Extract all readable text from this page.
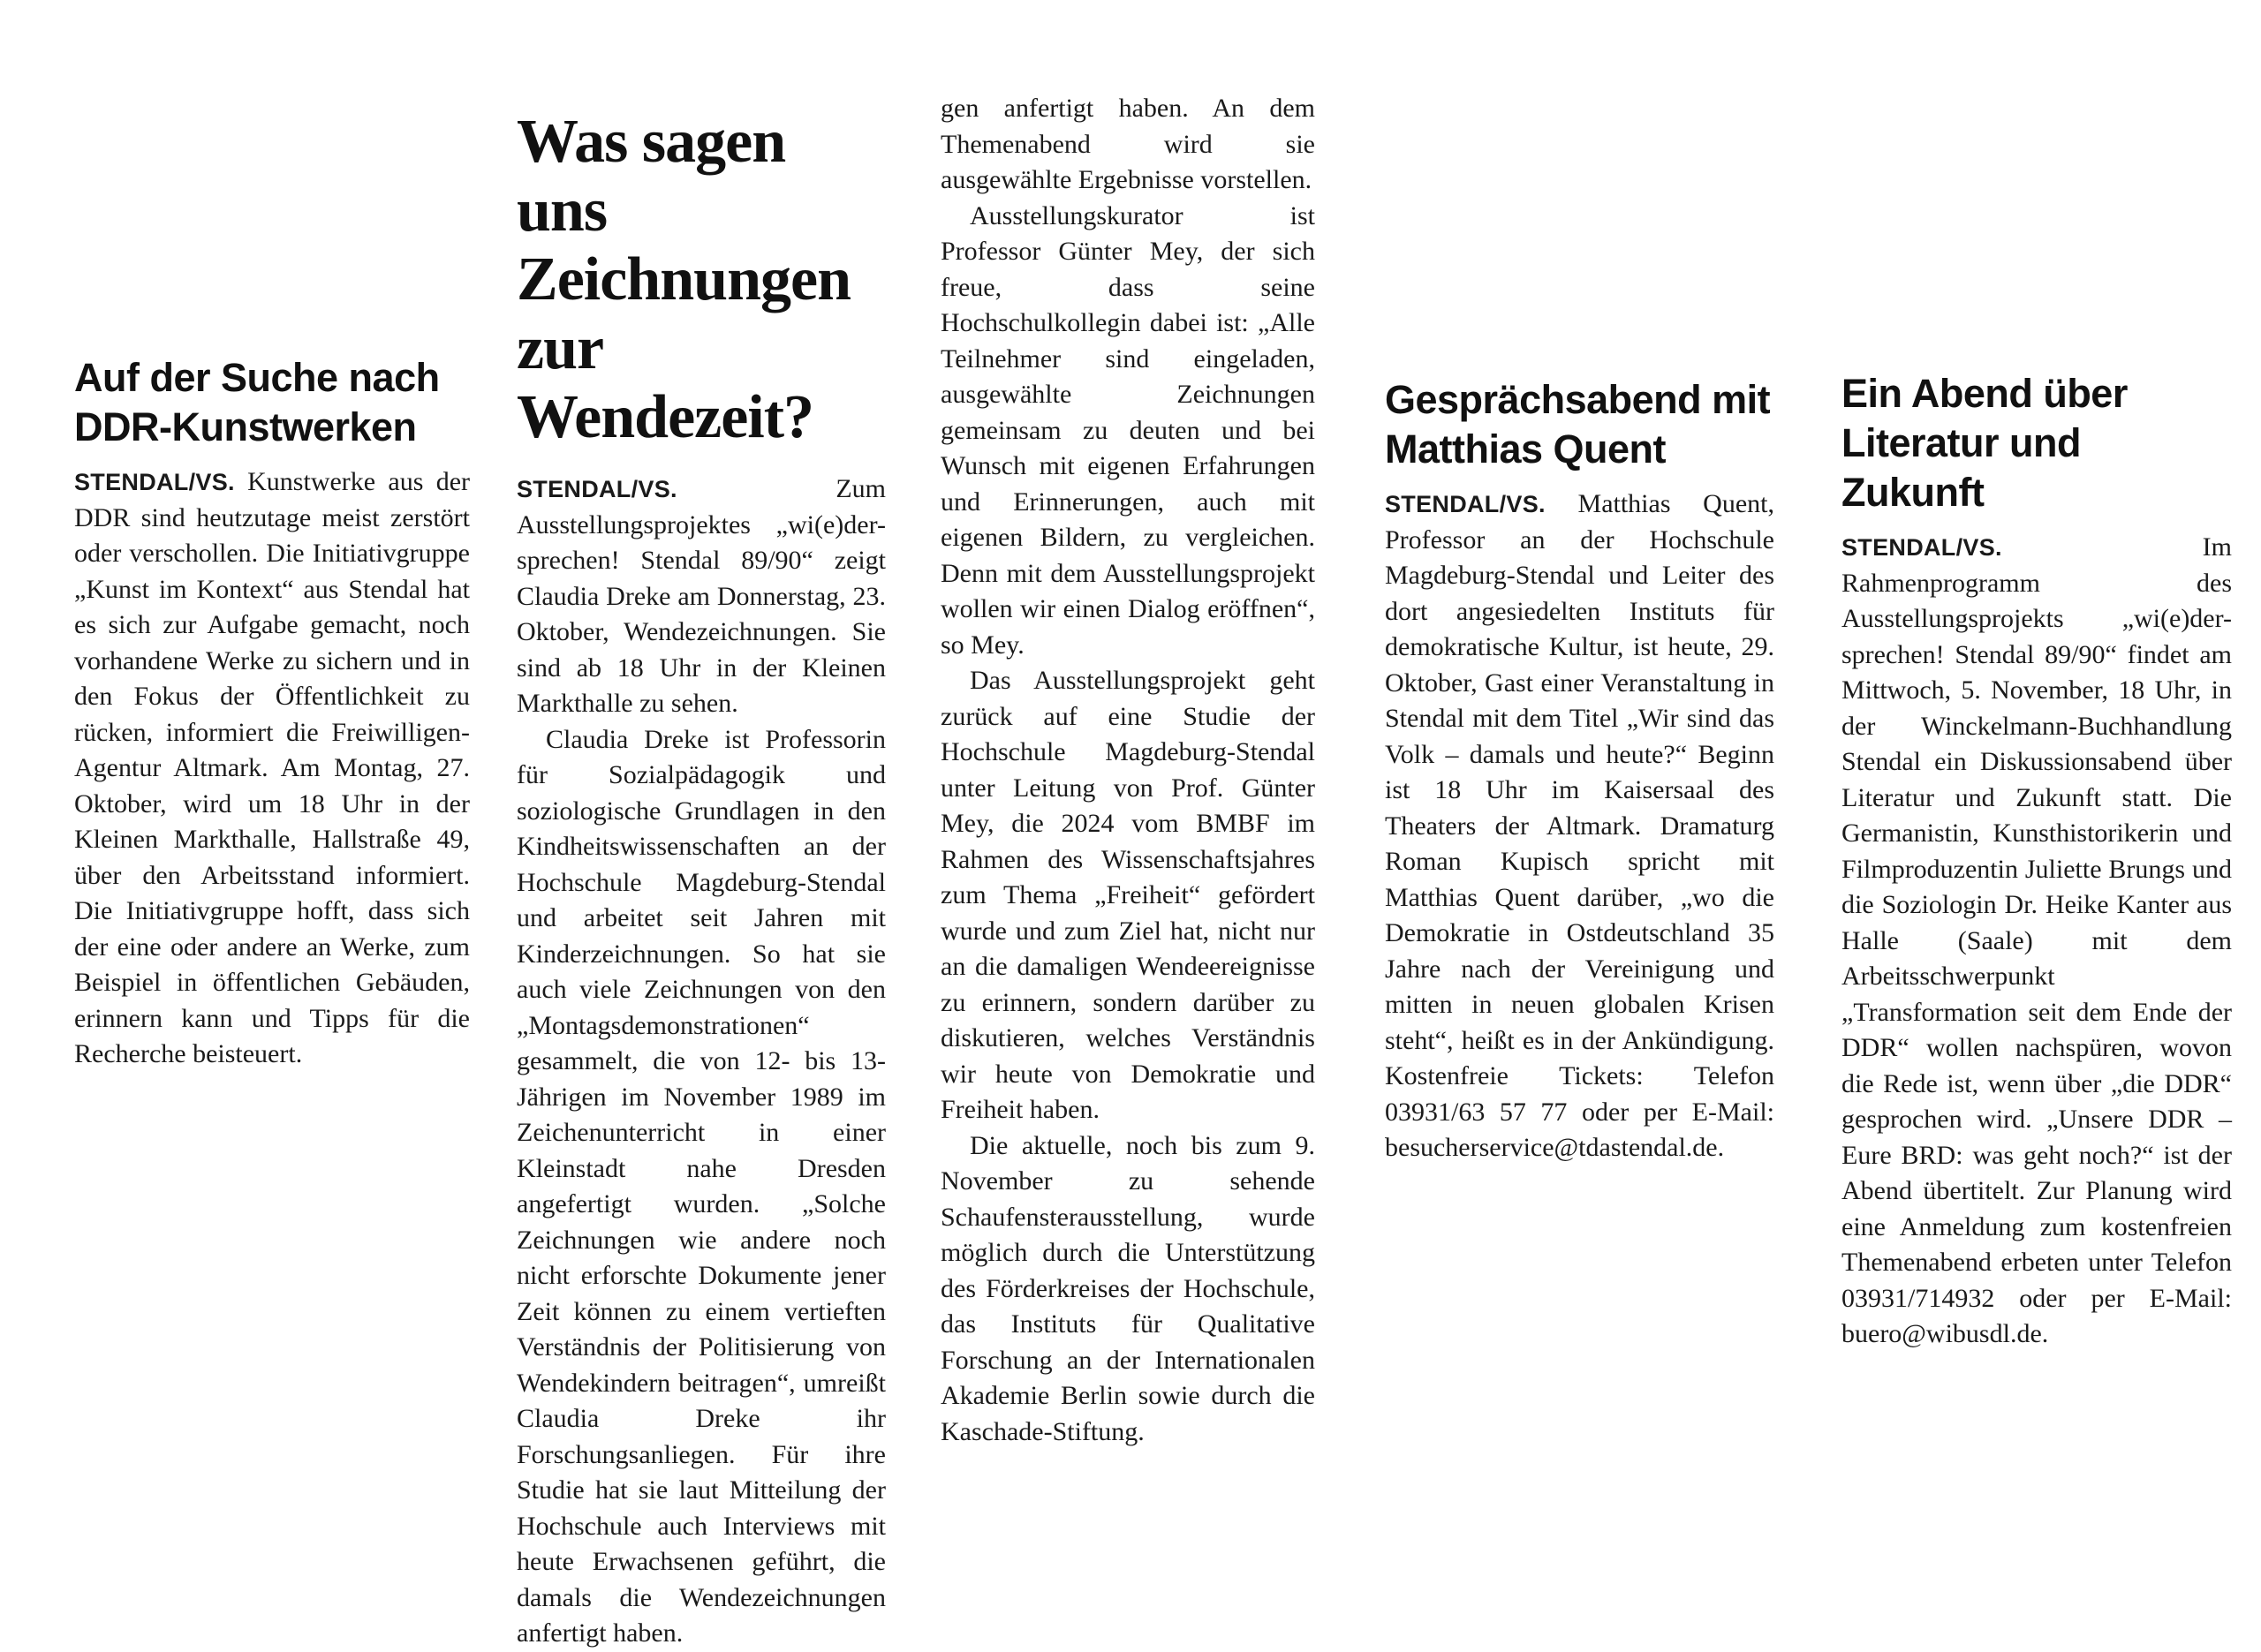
Auf der Suche nach DDR-Kunstwerken

STENDAL/VS. Kunstwerke aus der DDR sind heutzutage meist zerstört oder verschollen. Die Initiativgruppe „Kunst im Kontext“ aus Stendal hat es sich zur Aufgabe gemacht, noch vorhandene Werke zu sichern und in den Fokus der Öffentlichkeit zu rücken, informiert die Freiwilligen-Agentur Altmark. Am Montag, 27. Oktober, wird um 18 Uhr in der Kleinen Markthalle, Hallstraße 49, über den Arbeitsstand informiert. Die Initiativgruppe hofft, dass sich der eine oder andere an Werke, zum Beispiel in öffentlichen Gebäuden, erinnern kann und Tipps für die Recherche beisteuert.

Was sagen uns Zeichnungen zur Wendezeit?

STENDAL/VS.	Zum Ausstellungsprojektes „wi(e)der-sprechen! Stendal 89/90“ zeigt Claudia Dreke am Donnerstag, 23. Oktober, Wendezeichnungen. Sie sind ab 18 Uhr in der Kleinen Markthalle zu sehen.

Claudia Dreke ist Professorin für Sozialpädagogik und soziologische Grundlagen in den Kindheitswissenschaften an der Hochschule Magdeburg-Stendal und arbeitet seit Jahren mit Kinderzeichnungen. So hat sie auch viele Zeichnungen von den „Montagsdemonstrationen“ gesammelt, die von 12- bis 13-Jährigen im November 1989 im Zeichenunterricht in einer Kleinstadt nahe Dresden angefertigt wurden. „Solche Zeichnungen wie andere noch nicht erforschte Dokumente jener Zeit können zu einem vertieften Verständnis der Politisierung von Wendekindern beitragen“, umreißt Claudia Dreke ihr Forschungsanliegen. Für ihre Studie hat sie laut Mitteilung der Hochschule auch Interviews mit heute Erwachsenen geführt, die damals die Wendezeichnungen anfertigt haben.

gen anfertigt haben. An dem Themenabend wird sie ausgewählte Ergebnisse vorstellen.

Ausstellungskurator ist Professor Günter Mey, der sich freue, dass seine Hochschulkollegin dabei ist: „Alle Teilnehmer sind eingeladen, ausgewählte Zeichnungen gemeinsam zu deuten und bei Wunsch mit eigenen Erfahrungen und Erinnerungen, auch mit eigenen Bildern, zu vergleichen. Denn mit dem Ausstellungsprojekt wollen wir einen Dialog eröffnen“, so Mey.

Das Ausstellungsprojekt geht zurück auf eine Studie der Hochschule Magdeburg-Stendal unter Leitung von Prof. Günter Mey, die 2024 vom BMBF im Rahmen des Wissenschaftsjahres zum Thema „Freiheit“ gefördert wurde und zum Ziel hat, nicht nur an die damaligen Wendeereignisse zu erinnern, sondern darüber zu diskutieren, welches Verständnis wir heute von Demokratie und Freiheit haben.

Die aktuelle, noch bis zum 9. November zu sehende Schaufensterausstellung, wurde möglich durch die Unterstützung des Förderkreises der Hochschule, das Instituts für Qualitative Forschung an der Internationalen Akademie Berlin sowie durch die Kaschade-Stiftung.

Gesprächsabend mit Matthias Quent

STENDAL/VS. Matthias Quent, Professor an der Hochschule Magdeburg-Stendal und Leiter des dort angesiedelten Instituts für demokratische Kultur, ist heute, 29. Oktober, Gast einer Veranstaltung in Stendal mit dem Titel „Wir sind das Volk – damals und heute?“ Beginn ist 18 Uhr im Kaisersaal des Theaters der Altmark. Dramaturg Roman Kupisch spricht mit Matthias Quent darüber, „wo die Demokratie in Ostdeutschland 35 Jahre nach der Vereinigung und mitten in neuen globalen Krisen steht“, heißt es in der Ankündigung. Kostenfreie Tickets: Telefon 03931/63 57 77 oder per E-Mail: besucherservice@tdastendal.de.

Ein Abend über Literatur und Zukunft

STENDAL/VS.	Im Rahmenprogramm des Ausstellungsprojekts „wi(e)der-sprechen! Stendal 89/90“ findet am Mittwoch, 5. November, 18 Uhr, in der Winckelmann-Buchhandlung Stendal ein Diskussionsabend über Literatur und Zukunft statt. Die Germanistin, Kunsthistorikerin und Filmproduzentin Juliette Brungs und die Soziologin Dr. Heike Kanter aus Halle (Saale) mit dem Arbeitsschwerpunkt „Transformation seit dem Ende der DDR“ wollen nachspüren, wovon die Rede ist, wenn über „die DDR“ gesprochen wird. „Unsere DDR – Eure BRD: was geht noch?“ ist der Abend übertitelt. Zur Planung wird eine Anmeldung zum kostenfreien Themenabend erbeten unter Telefon 03931/714932 oder per E-Mail: buero@wibusdl.de.
